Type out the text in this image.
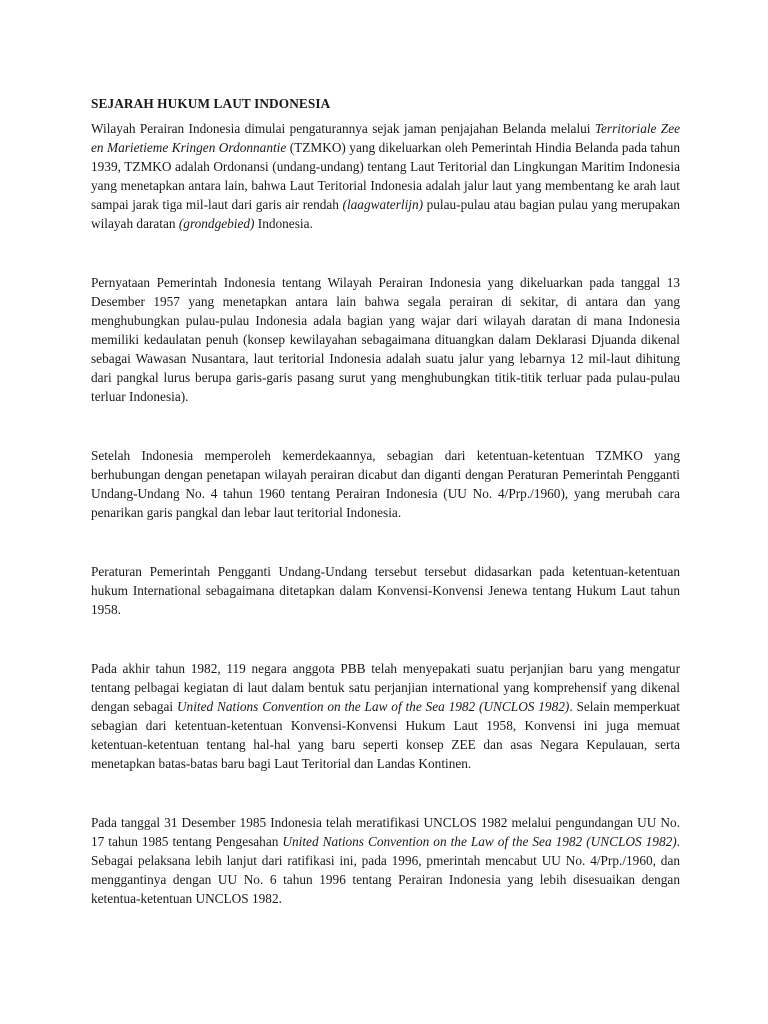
SEJARAH HUKUM LAUT INDONESIA

Wilayah Perairan Indonesia dimulai pengaturannya sejak jaman penjajahan Belanda melalui Territoriale Zee en Marietieme Kringen Ordonnantie (TZMKO) yang dikeluarkan oleh Pemerintah Hindia Belanda pada tahun 1939, TZMKO adalah Ordonansi (undang-undang) tentang Laut Teritorial dan Lingkungan Maritim Indonesia yang menetapkan antara lain, bahwa Laut Teritorial Indonesia adalah jalur laut yang membentang ke arah laut sampai jarak tiga mil-laut dari garis air rendah (laagwaterlijn) pulau-pulau atau bagian pulau yang merupakan wilayah daratan (grondgebied) Indonesia.

Pernyataan Pemerintah Indonesia tentang Wilayah Perairan Indonesia yang dikeluarkan pada tanggal 13 Desember 1957 yang menetapkan antara lain bahwa segala perairan di sekitar, di antara dan yang menghubungkan pulau-pulau Indonesia adala bagian yang wajar dari wilayah daratan di mana Indonesia memiliki kedaulatan penuh (konsep kewilayahan sebagaimana dituangkan dalam Deklarasi Djuanda dikenal sebagai Wawasan Nusantara, laut teritorial Indonesia adalah suatu jalur yang lebarnya 12 mil-laut dihitung dari pangkal lurus berupa garis-garis pasang surut yang menghubungkan titik-titik terluar pada pulau-pulau terluar Indonesia).

Setelah Indonesia memperoleh kemerdekaannya, sebagian dari ketentuan-ketentuan TZMKO yang berhubungan dengan penetapan wilayah perairan dicabut dan diganti dengan Peraturan Pemerintah Pengganti Undang-Undang No. 4 tahun 1960 tentang Perairan Indonesia (UU No. 4/Prp./1960), yang merubah cara penarikan garis pangkal dan lebar laut teritorial Indonesia.

Peraturan Pemerintah Pengganti Undang-Undang tersebut tersebut didasarkan pada ketentuan-ketentuan hukum International sebagaimana ditetapkan dalam Konvensi-Konvensi Jenewa tentang Hukum Laut tahun 1958.

Pada akhir tahun 1982, 119 negara anggota PBB telah menyepakati suatu perjanjian baru yang mengatur tentang pelbagai kegiatan di laut dalam bentuk satu perjanjian international yang komprehensif yang dikenal dengan sebagai United Nations Convention on the Law of the Sea 1982 (UNCLOS 1982). Selain memperkuat sebagian dari ketentuan-ketentuan Konvensi-Konvensi Hukum Laut 1958, Konvensi ini juga memuat ketentuan-ketentuan tentang hal-hal yang baru seperti konsep ZEE dan asas Negara Kepulauan, serta menetapkan batas-batas baru bagi Laut Teritorial dan Landas Kontinen.

Pada tanggal 31 Desember 1985 Indonesia telah meratifikasi UNCLOS 1982 melalui pengundangan UU No. 17 tahun 1985 tentang Pengesahan United Nations Convention on the Law of the Sea 1982 (UNCLOS 1982). Sebagai pelaksana lebih lanjut dari ratifikasi ini, pada 1996, pmerintah mencabut UU No. 4/Prp./1960, dan menggantinya dengan UU No. 6 tahun 1996 tentang Perairan Indonesia yang lebih disesuaikan dengan ketentua-ketentuan UNCLOS 1982.
